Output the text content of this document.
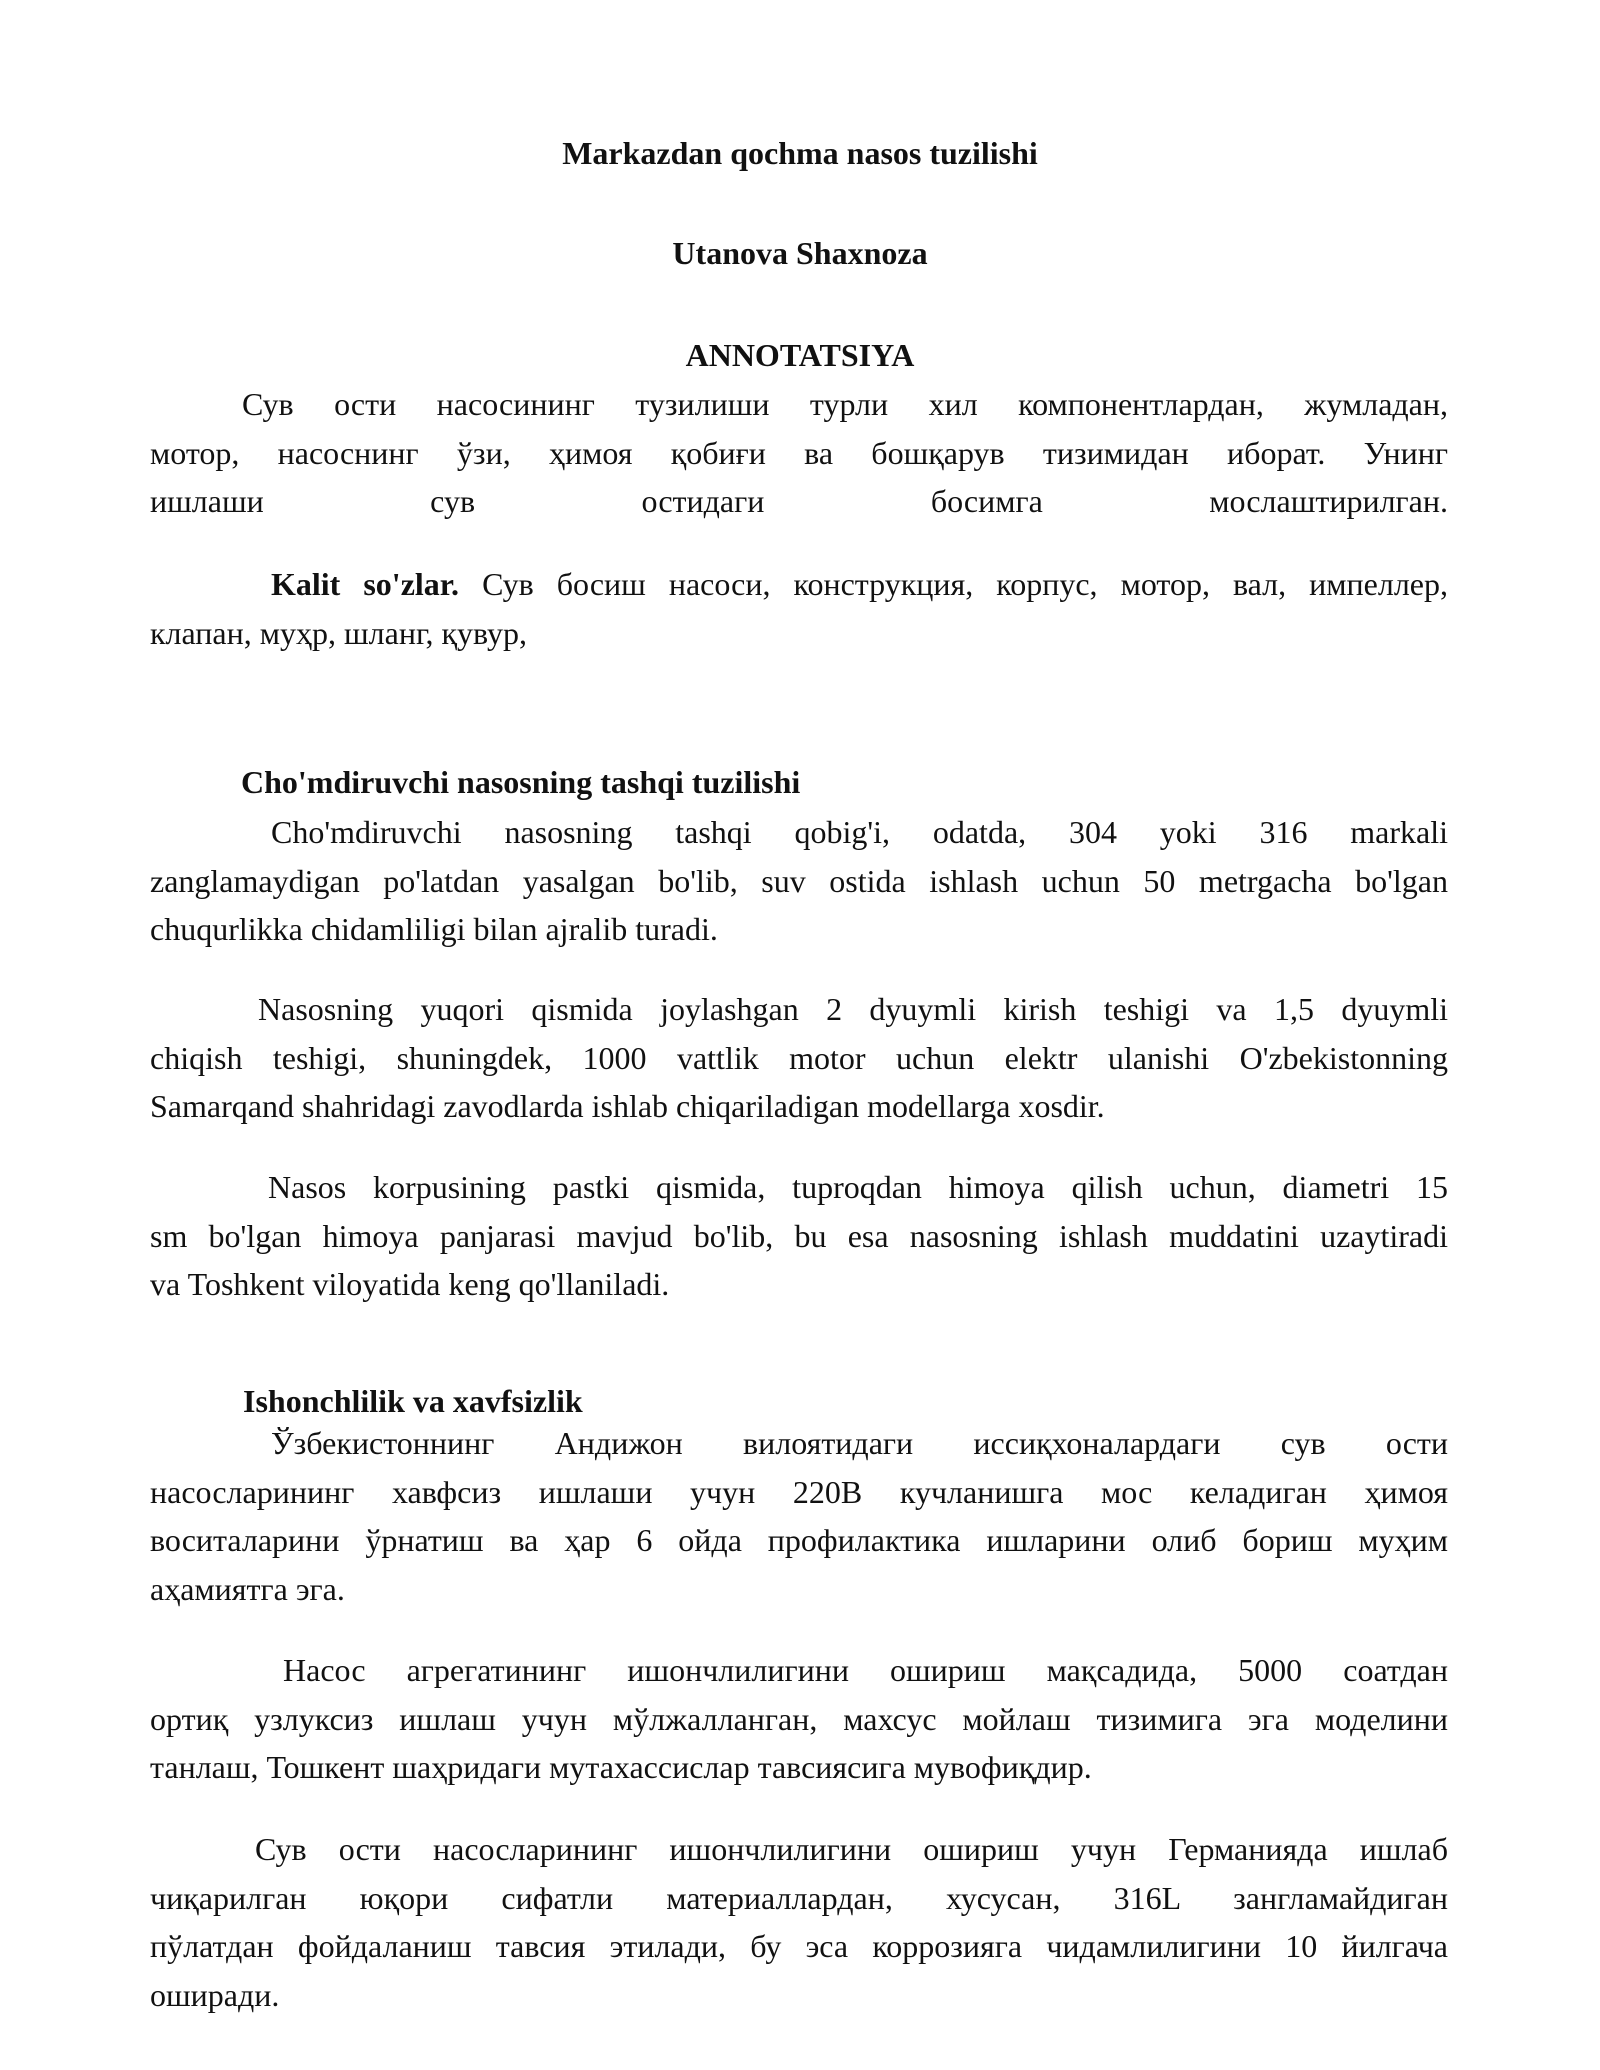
Markazdan qochma nasos tuzilishi
Utanova Shaxnoza
ANNOTATSIYA
Сув ости насосининг тузилиши турли хил компонентлардан, жумладан,
мотор, насоснинг ўзи, ҳимоя қобиғи ва бошқарув тизимидан иборат. Унинг
ишлаши сув остидаги босимга мослаштирилган.
Kalit so'zlar. Сув босиш насоси, конструкция, корпус, мотор, вал, импеллер,
клапан, муҳр, шланг, қувур,
Cho'mdiruvchi nasosning tashqi tuzilishi
Cho'mdiruvchi nasosning tashqi qobig'i, odatda, 304 yoki 316 markali
zanglamaydigan po'latdan yasalgan bo'lib, suv ostida ishlash uchun 50 metrgacha bo'lgan
chuqurlikka chidamliligi bilan ajralib turadi.
Nasosning yuqori qismida joylashgan 2 dyuymli kirish teshigi va 1,5 dyuymli
chiqish teshigi, shuningdek, 1000 vattlik motor uchun elektr ulanishi O'zbekistonning
Samarqand shahridagi zavodlarda ishlab chiqariladigan modellarga xosdir.
Nasos korpusining pastki qismida, tuproqdan himoya qilish uchun, diametri 15
sm bo'lgan himoya panjarasi mavjud bo'lib, bu esa nasosning ishlash muddatini uzaytiradi
va Toshkent viloyatida keng qo'llaniladi.
Ishonchlilik va xavfsizlik
Ўзбекистоннинг Андижон вилоятидаги иссиқхоналардаги сув ости
насосларининг хавфсиз ишлаши учун 220В кучланишга мос келадиган ҳимоя
воситаларини ўрнатиш ва ҳар 6 ойда профилактика ишларини олиб бориш муҳим
аҳамиятга эга.
Насос агрегатининг ишончлилигини ошириш мақсадида, 5000 соатдан
ортиқ узлуксиз ишлаш учун мўлжалланган, махсус мойлаш тизимига эга моделини
танлаш, Тошкент шаҳридаги мутахассислар тавсиясига мувофиқдир.
Сув ости насосларининг ишончлилигини ошириш учун Германияда ишлаб
чиқарилган юқори сифатли материаллардан, хусусан, 316L зангламайдиган
пўлатдан фойдаланиш тавсия этилади, бу эса коррозияга чидамлилигини 10 йилгача
оширади.
